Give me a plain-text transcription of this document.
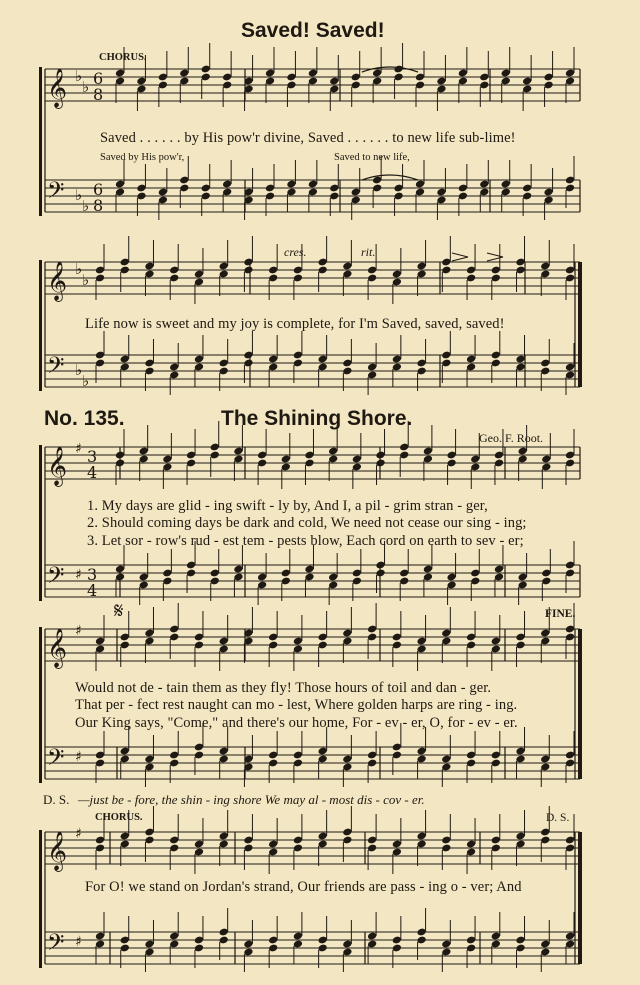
𝄞
𝄢
♭
♭
♭
♭
6
8
6
8
𝄞
𝄢
♭
♭
♭
♭
𝄞
𝄢
♯
♯
3
4
3
4
𝄞
𝄢
♯
♯
𝄞
𝄢
♯
♯
Saved! Saved!
CHORUS.
Saved . . . . . . by His pow'r divine, Saved . . . . . . to new life sub-lime!
Saved by His pow'r,	Saved to new life,
cres.	rit.
Life now is sweet and my joy is complete, for I'm Saved, saved, saved!
No. 135.	The Shining Shore.
Geo. F. Root.
1. My days are glid - ing swift - ly by, And I, a pil - grim stran - ger,
2. Should coming days be dark and cold, We need not cease our sing - ing;
3. Let sor - row's rud - est tem - pests blow, Each cord on earth to sev - er;
𝄋	FINE.
Would not de - tain them as they fly! Those hours of toil and dan - ger.
That per - fect rest naught can mo - lest, Where golden harps are ring - ing.
Our King says, "Come," and there's our home, For - ev - er, O, for - ev - er.
D. S. —just be - fore, the shin - ing shore We may al - most dis - cov - er.
CHORUS.	D. S.
For O! we stand on Jordan's strand, Our friends are pass - ing o - ver; And
